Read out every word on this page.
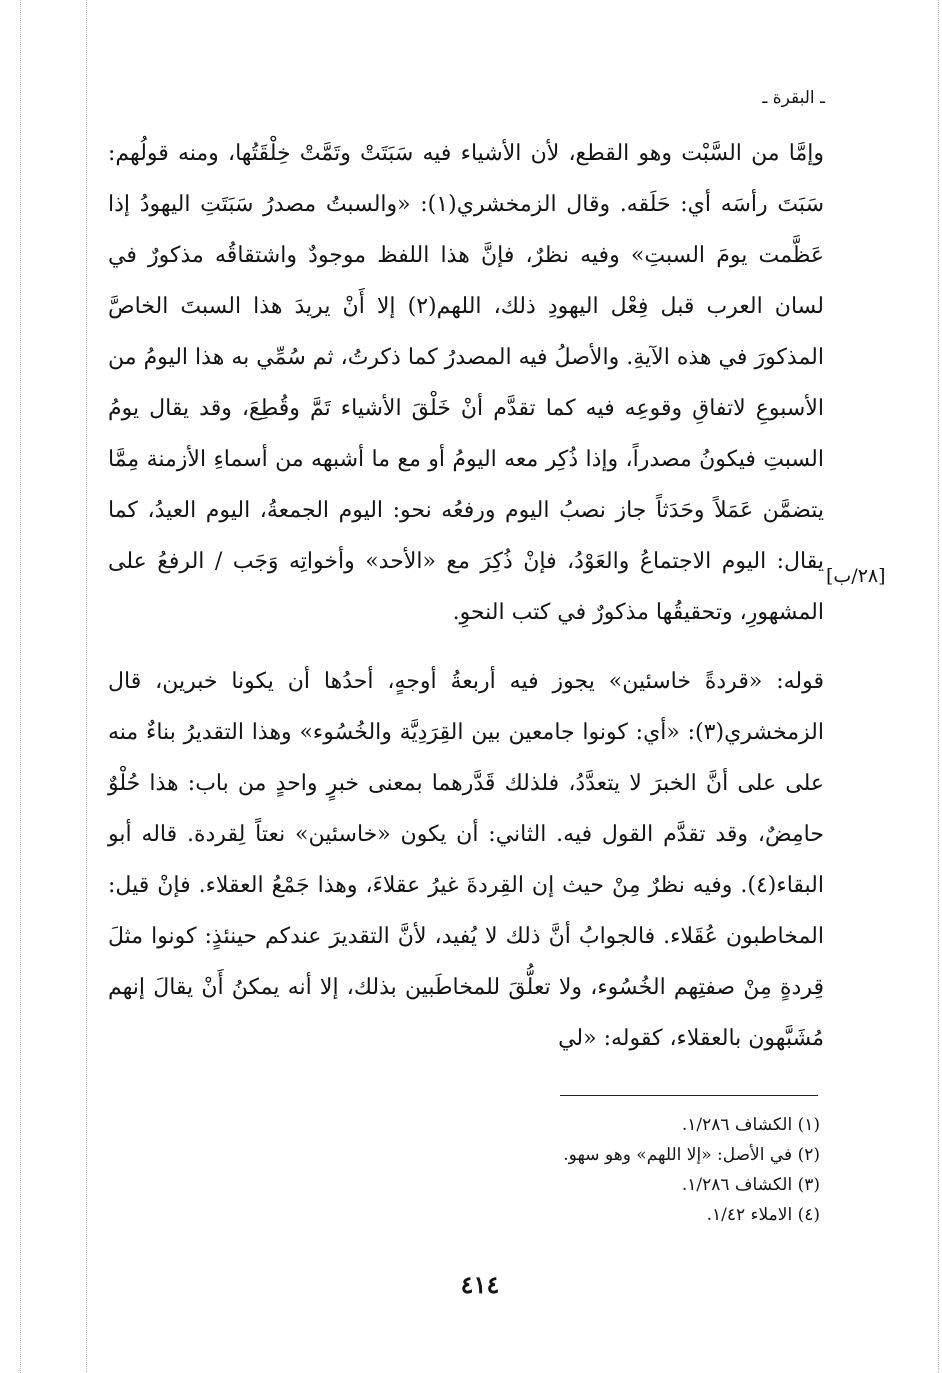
ـ البقرة ـ

وإمَّا من السَّبْت وهو القطع، لأن الأشياء فيه سَبَتَتْ وتَمَّتْ خِلْقَتُها، ومنه قولُهم: سَبَتَ رأسَه أي: حَلَقه. وقال الزمخشري(١): «والسبتُ مصدرُ سَبَتَتِ اليهودُ إذا عَظَّمت يومَ السبتِ» وفيه نظرٌ، فإنَّ هذا اللفظ موجودٌ واشتقاقُه مذكورٌ في لسان العرب قبل فِعْل اليهودِ ذلك، اللهم(٢) إلا أَنْ يريدَ هذا السبتَ الخاصَّ المذكورَ في هذه الآيةِ. والأصلُ فيه المصدرُ كما ذكرتُ، ثم سُمِّي به هذا اليومُ من الأسبوعِ لاتفاقِ وقوعِه فيه كما تقدَّم أنْ خَلْقَ الأشياء تَمَّ وقُطِعَ، وقد يقال يومُ السبتِ فيكونُ مصدراً، وإذا ذُكِر معه اليومُ أو مع ما أشبهه من أسماءِ الأزمنة مِمَّا يتضمَّن عَمَلاً وحَدَثاً جاز نصبُ اليوم ورفعُه نحو: اليوم الجمعةُ، اليوم العيدُ، كما يقال: اليوم الاجتماعُ والعَوْدُ، فإنْ ذُكِرَ مع «الأحد» وأخواتِه وَجَب / الرفعُ على المشهورِ، وتحقيقُها مذكورٌ في كتب النحوِ.

قوله: «قردةً خاسئين» يجوز فيه أربعةُ أوجهٍ، أحدُها أن يكونا خبرين، قال الزمخشري(٣): «أي: كونوا جامعين بين القِرَدِيَّة والخُسُوء» وهذا التقديرُ بناءٌ منه على على أنَّ الخبرَ لا يتعدَّدُ، فلذلك قَدَّرهما بمعنى خبرٍ واحدٍ من باب: هذا حُلْوٌ حامِضٌ، وقد تقدَّم القول فيه. الثاني: أن يكون «خاسئين» نعتاً لِقردة. قاله أبو البقاء(٤). وفيه نظرٌ مِنْ حيث إن القِردةَ غيرُ عقلاءَ، وهذا جَمْعُ العقلاء. فإنْ قيل: المخاطبون عُقَلاء. فالجوابُ أنَّ ذلك لا يُفيد، لأنَّ التقديرَ عندكم حينئذٍ: كونوا مثلَ قِردةٍ مِنْ صفتِهم الخُسُوء، ولا تعلُّقَ للمخاطَبين بذلك، إلا أنه يمكنُ أَنْ يقالَ إنهم مُشَبَّهون بالعقلاء، كقوله: «لي

[٢٨/ب]
(١) الكشاف ١/٢٨٦.
(٢) في الأصل: «إلا اللهم» وهو سهو.
(٣) الكشاف ١/٢٨٦.
(٤) الاملاء ١/٤٢.
٤١٤
